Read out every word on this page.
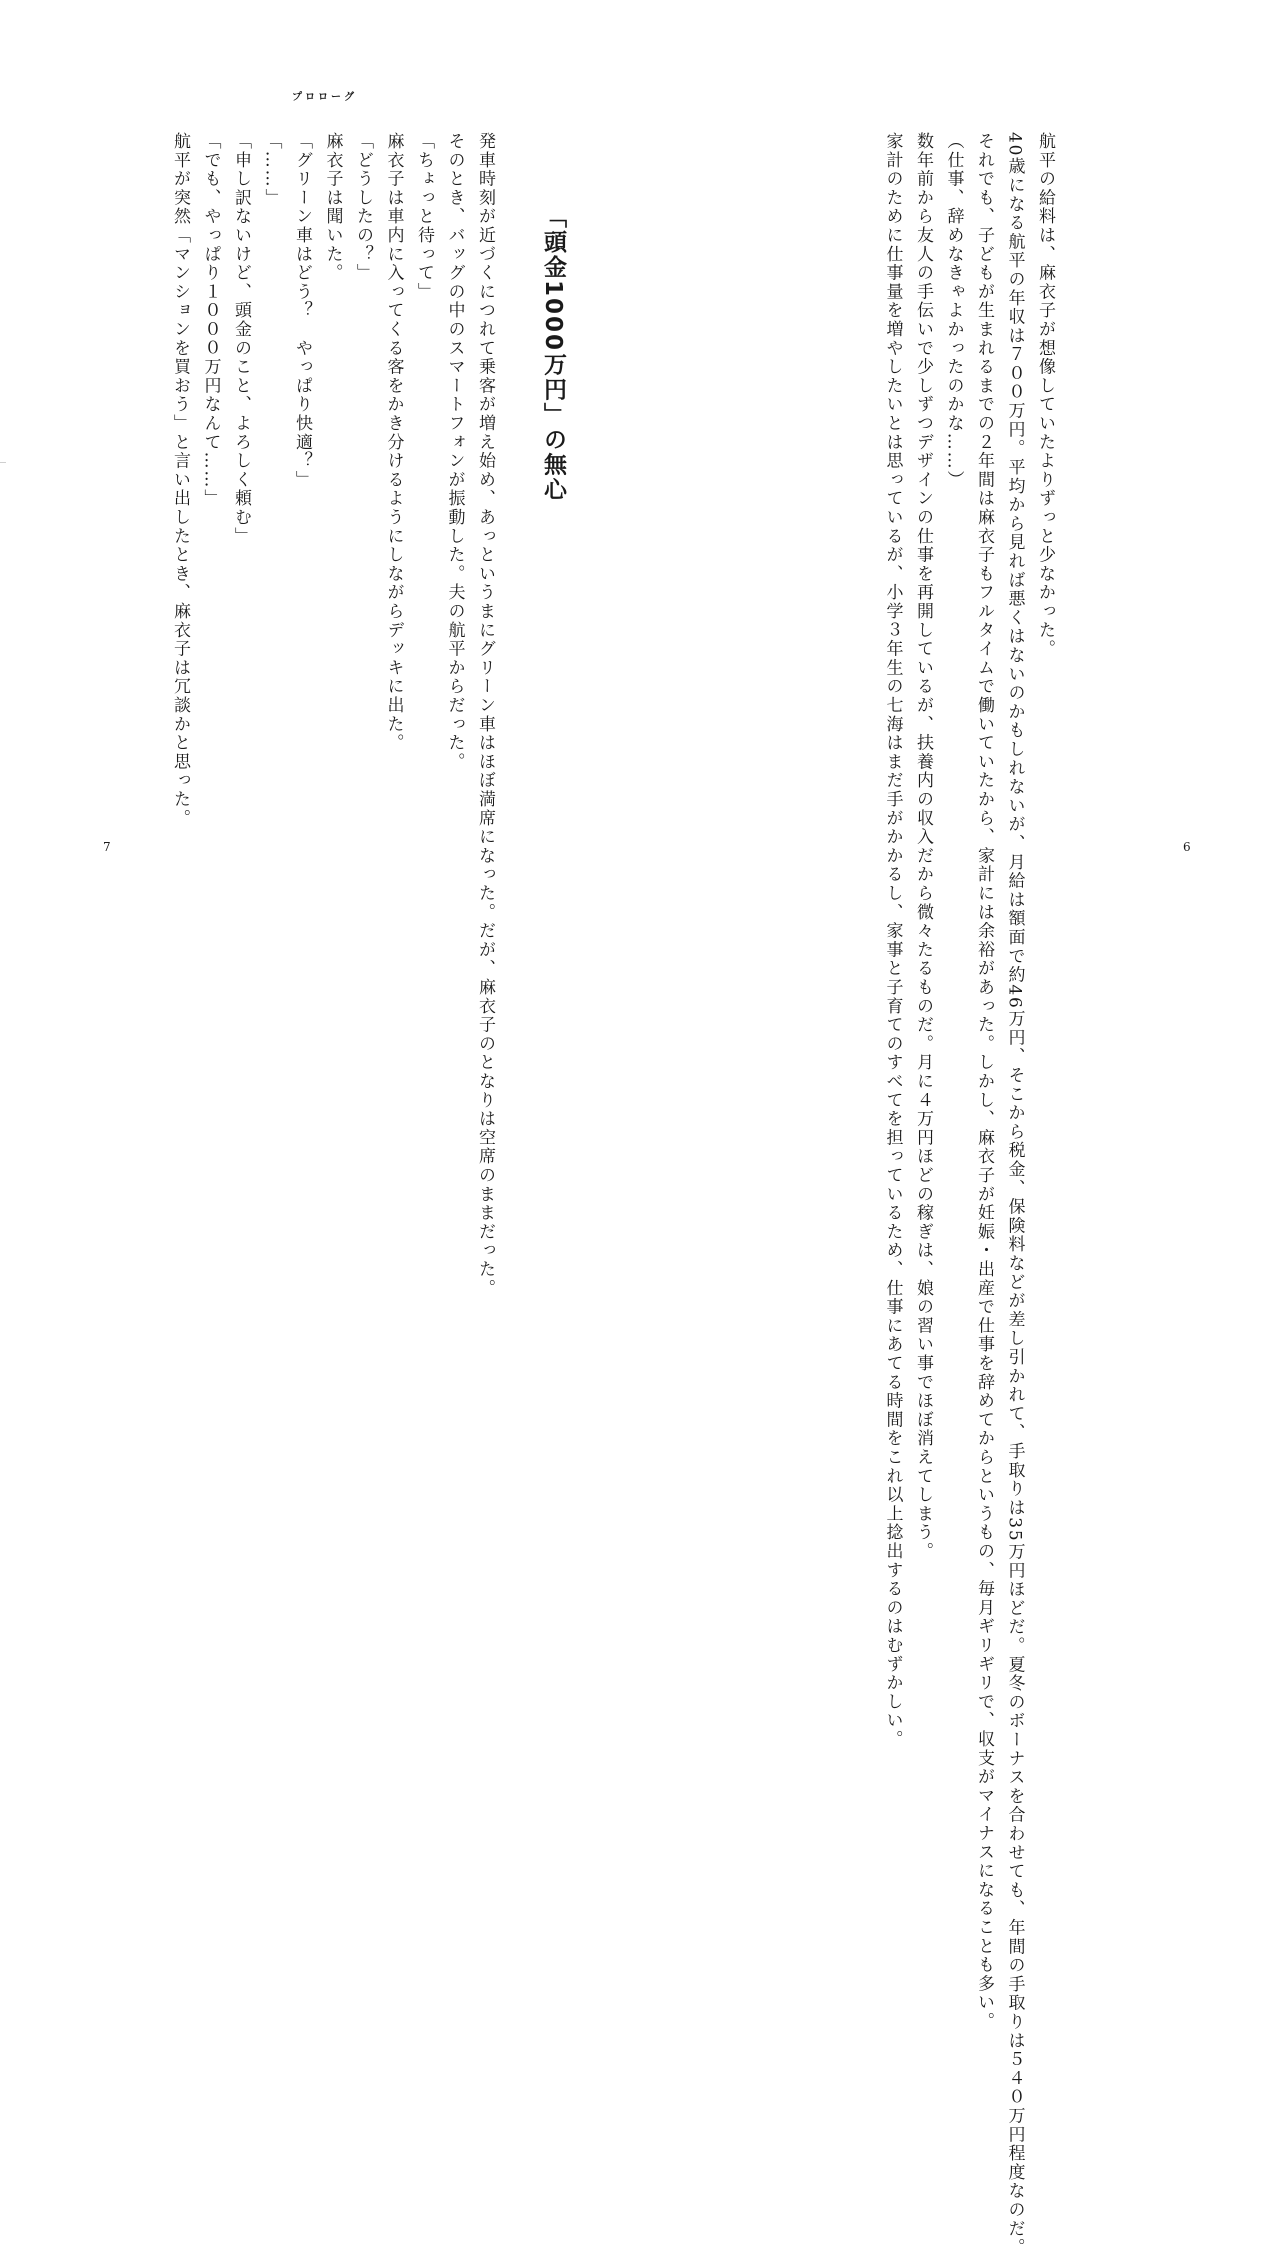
プロローグ

発車時刻が近づくにつれて乗客が増え始め、あっというまにグリーン車はほぼ満席になった。だが、麻衣子のとなりは空席のままだった。

そのとき、バッグの中のスマートフォンが振動した。夫の航平からだった。

「ちょっと待って」

麻衣子は車内に入ってくる客をかき分けるようにしながらデッキに出た。

「どうしたの？」

麻衣子は聞いた。

「グリーン車はどう？　やっぱり快適？」

「……」

「申し訳ないけど、頭金のこと、よろしく頼む」

「でも、やっぱり１０００万円なんて……」

航平が突然「マンションを買おう」と言い出したとき、麻衣子は冗談かと思った。

7
「頭金1000万円」の無心	航平の給料は、麻衣子が想像していたよりずっと少なかった。

40歳になる航平の年収は７００万円。平均から見れば悪くはないのかもしれないが、月給は額面で約46万円、そこから税金、保険料などが差し引かれて、手取りは35万円ほどだ。夏冬のボーナスを合わせても、年間の手取りは５４０万円程度なのだ。

それでも、子どもが生まれるまでの２年間は麻衣子もフルタイムで働いていたから、家計には余裕があった。しかし、麻衣子が妊娠・出産で仕事を辞めてからというもの、毎月ギリギリで、収支がマイナスになることも多い。

（仕事、辞めなきゃよかったのかな……）

数年前から友人の手伝いで少しずつデザインの仕事を再開しているが、扶養内の収入だから微々たるものだ。月に４万円ほどの稼ぎは、娘の習い事でほぼ消えてしまう。

家計のために仕事量を増やしたいとは思っているが、小学３年生の七海はまだ手がかかるし、家事と子育てのすべてを担っているため、仕事にあてる時間をこれ以上捻出するのはむずかしい。	6
